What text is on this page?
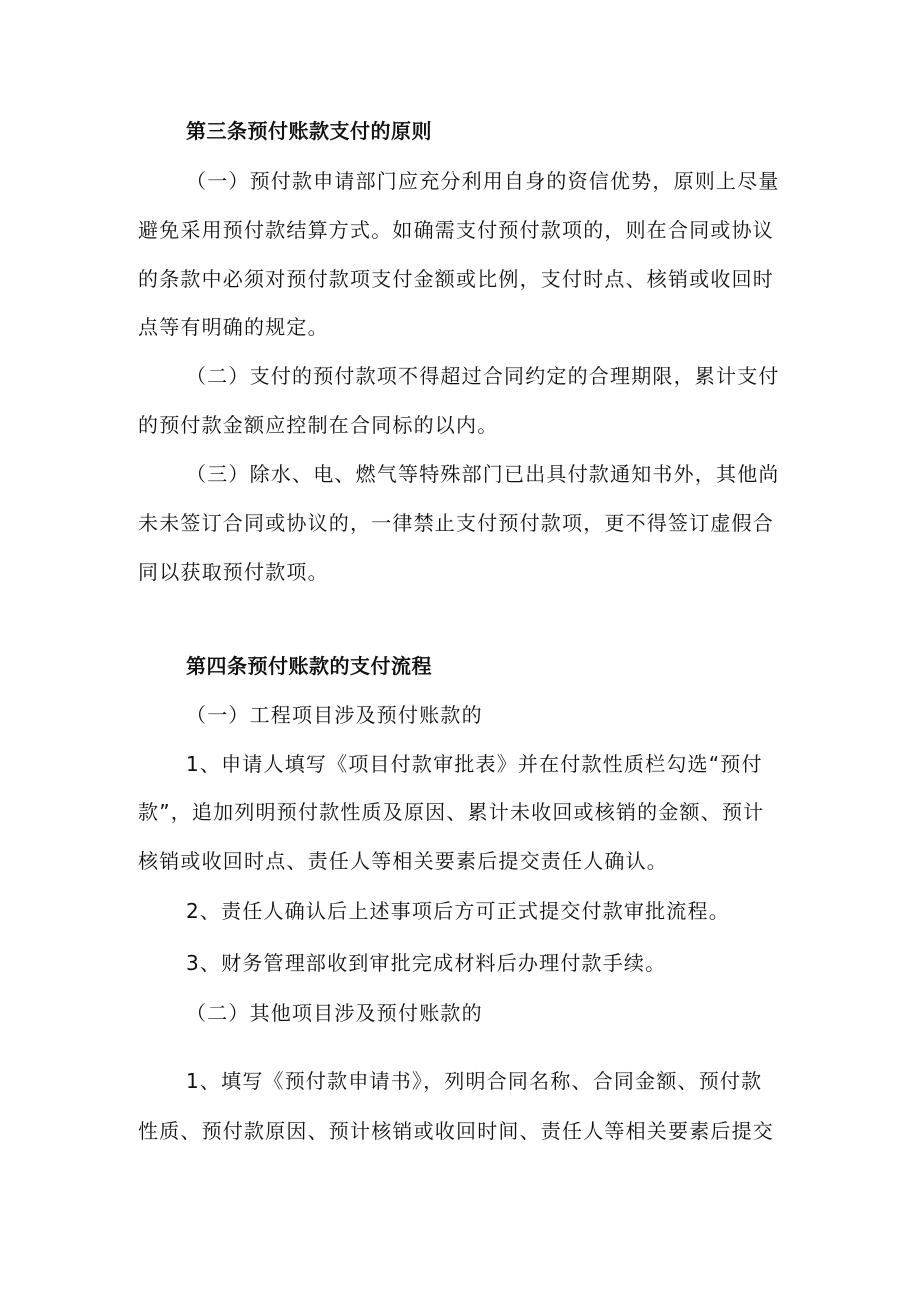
第三条预付账款支付的原则
（一）预付款申请部门应充分利用自身的资信优势，原则上尽量
避免采用预付款结算方式。如确需支付预付款项的，则在合同或协议
的条款中必须对预付款项支付金额或比例，支付时点、核销或收回时
点等有明确的规定。
（二）支付的预付款项不得超过合同约定的合理期限，累计支付
的预付款金额应控制在合同标的以内。
（三）除水、电、燃气等特殊部门已出具付款通知书外，其他尚
未未签订合同或协议的，一律禁止支付预付款项，更不得签订虚假合
同以获取预付款项。
第四条预付账款的支付流程
（一）工程项目涉及预付账款的
1、申请人填写《项目付款审批表》并在付款性质栏勾选“预付
款”，追加列明预付款性质及原因、累计未收回或核销的金额、预计
核销或收回时点、责任人等相关要素后提交责任人确认。
2、责任人确认后上述事项后方可正式提交付款审批流程。
3、财务管理部收到审批完成材料后办理付款手续。
（二）其他项目涉及预付账款的
1、填写《预付款申请书》，列明合同名称、合同金额、预付款
性质、预付款原因、预计核销或收回时间、责任人等相关要素后提交
